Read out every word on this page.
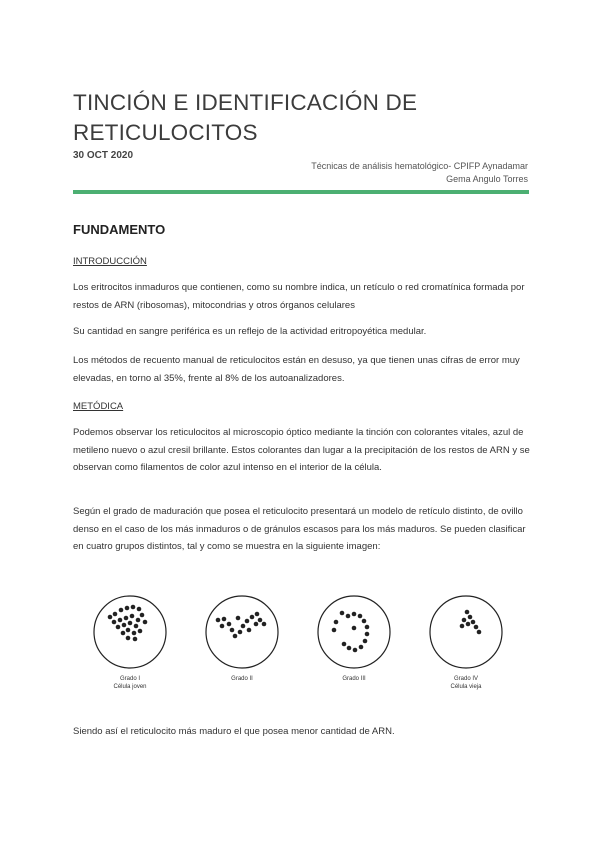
TINCIÓN E IDENTIFICACIÓN DE RETICULOCITOS
30 OCT 2020
Técnicas de análisis hematológico- CPIFP Aynadamar
Gema Angulo Torres
FUNDAMENTO
INTRODUCCIÓN
Los eritrocitos inmaduros que contienen, como su nombre indica, un retículo o red cromatínica formada por restos de ARN (ribosomas), mitocondrias y otros órganos celulares
Su cantidad en sangre periférica es un reflejo de la actividad eritropoyética medular.
Los métodos de recuento manual de reticulocitos están en desuso, ya que tienen unas cifras de error muy elevadas, en torno al 35%, frente al 8% de los autoanalizadores.
METÓDICA
Podemos observar los reticulocitos al microscopio óptico mediante la tinción con colorantes vitales, azul de metileno nuevo o azul cresil brillante. Estos colorantes dan lugar a la precipitación de los restos de ARN y se observan como filamentos de color azul intenso en el interior de la célula.
Según el grado de maduración que posea el reticulocito presentará un modelo de retículo distinto, de ovillo denso en el caso de los más inmaduros o de gránulos escasos para los más maduros. Se pueden clasificar en cuatro grupos distintos, tal y como se muestra en la siguiente imagen:
Grado I
Célula joven
Grado II	Grado III	Grado IV
Célula vieja
Siendo así el reticulocito más maduro el que posea menor cantidad de ARN.
